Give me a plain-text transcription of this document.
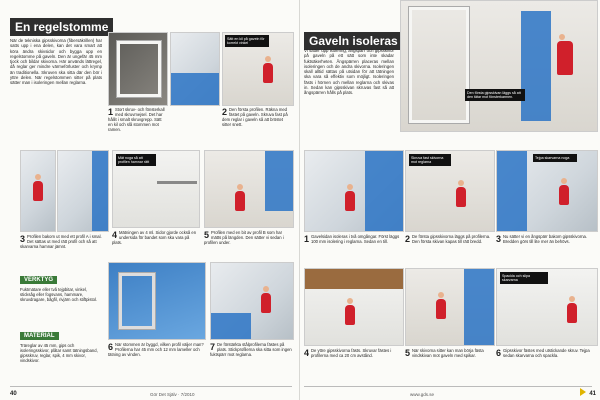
En regelstomme
När de tekniska gipsskivorna (fibersäkrillen) har satts upp i ena delen, kan det vara smart att köra ändra skivsidor och bygga upp en regelstomme på gaveln. Den är ungefär 45 mm tjock och bildar skivorna. Här används lättregel, då reglar ger mindre värmeförluster och krymp än traditionella. Skruven ska sitta där den bör i yttre delen. När regelstommen sitter på plats sätter man i isoleringen mellan reglarna.
Sätt en kil på gaveln för korrekt vinkel
1 Stort skruv- och fönsterkall med skruvmejsel. Det har hållit i smalt skruvgrepp. Sätt en kil och slå stommen mot ramen.
2 Den första profilen. Räkna med fästet på gaveln. Skruva fast på dem reglar i gaveln så att bröstet sitter snett.
Mät noga så att profilen hamnar rätt
3 Profilen bakom ut med ett profil A i smal. Det sättas ut med rätt profil och så att skarvarna hamnar jämnt.
4 Mätningen av 4 ml. Sidor gjorde också en undersida för bandet som ska vara på plats.
5 Profilen med en bit av profil B som har mätts på längden. Den sätter vi sedan i profilen under.
VERKTYG
Fuktmätare eller två tejpbitar, vinkel, sticksåg eller fogsvans, hammare, skruvdragare, bågfil, rivjärn och stiftpistol.
MATERIAL
Träreglar av 45 mm, gips och isoleringsskivor, plåtar samt tätningsband, gipsskruv, reglar, spik, 4 mm skivor, vindskivor.
6 När stommen är byggd, vilken profil väljer man? Profilerna har 45 mm och 12 mm lameller och tätning av vinden.
7 De förstärkta stålprofilerna fästes på plats. Stickprofilerna ska sitta som ingen fuktspärr mot reglarna.
40	Gör Det Själv · 7/2010
Gaveln isoleras
Vi sätter upp isolering, ångspärr och gipsskivor på gaveln på ett sätt som inte skadar fuktsäkerheten. Ångspärren placeras mellan isoleringen och de andra skivorna. Isoleringen skall alltid sättas på utsidan för att tätningen ska vara så effektiv som möjligt. Isoleringen fästs i hörnen och mellan reglarna och skivas in. Sedan kan gipsskivan skruvas fast så att ångspärren hålls på plats.	Den första gipsskivan läggs så att den tätar mot fönsterkarmen.
Skruva fast skivorna mot reglarna
Tejpa skarvarna noga
1 Gavelsidan isoleras i två omgångar. Först läggs 100 mm isolering i reglarna. Sedan en till.	2 De första gipsskivorna läggs på profilerna. Den första skivan kapas till rätt bredd.	3 Nu sätter vi en ångspärr bakom gipsskivorna. Bredden görs till lite mer än behövs.
Spackla och slipa skarvarna
4 De yttre gipsskivorna fästs. Skruvar fästes i profilerna med ca 20 cm avstånd.	5 När skivorna sitter kan man börja fästa vindskivan mot gaveln med spikar.	6 Gipsskivor fästes med utstickande skruv. Tejpa sedan skarvarna och spackla.
www.gds.se	41
